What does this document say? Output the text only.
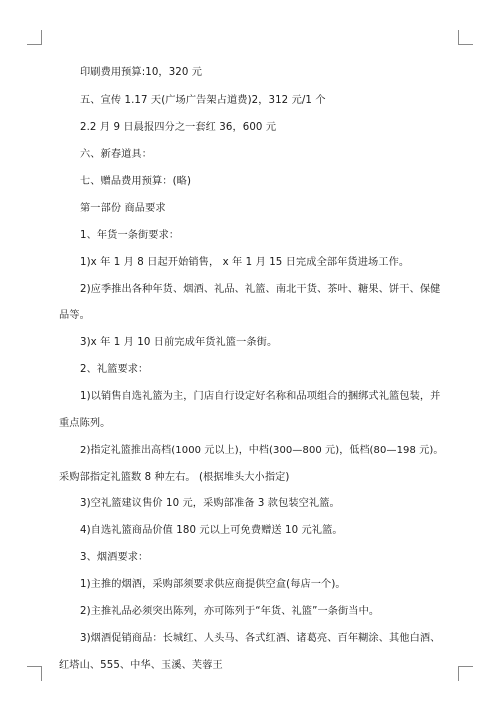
印刷费用预算:10，320 元
五、宣传 1.17 天(广场广告架占道费)2，312 元/1 个
2.2 月 9 日晨报四分之一套红 36，600 元
六、新春道具：
七、赠品费用预算：(略)
第一部份 商品要求
1、年货一条街要求：
1)x 年 1 月 8 日起开始销售， x 年 1 月 15 日完成全部年货进场工作。
2)应季推出各种年货、烟酒、礼品、礼篮、南北干货、茶叶、糖果、饼干、保健
品等。
3)x 年 1 月 10 日前完成年货礼篮一条街。
2、礼篮要求：
1)以销售自选礼篮为主，门店自行设定好名称和品项组合的捆绑式礼篮包装，并
重点陈列。
2)指定礼篮推出高档(1000 元以上)，中档(300—800 元)，低档(80—198 元)。
采购部指定礼篮数 8 种左右。 (根据堆头大小指定)
3)空礼篮建议售价 10 元，采购部准备 3 款包装空礼篮。
4)自选礼篮商品价值 180 元以上可免费赠送 10 元礼篮。
3、烟酒要求：
1)主推的烟酒，采购部须要求供应商提供空盒(每店一个)。
2)主推礼品必须突出陈列，亦可陈列于“年货、礼篮”一条街当中。
3)烟酒促销商品：长城红、人头马、各式红酒、诸葛亮、百年糊涂、其他白酒、
红塔山、555、中华、玉溪、芙蓉王
